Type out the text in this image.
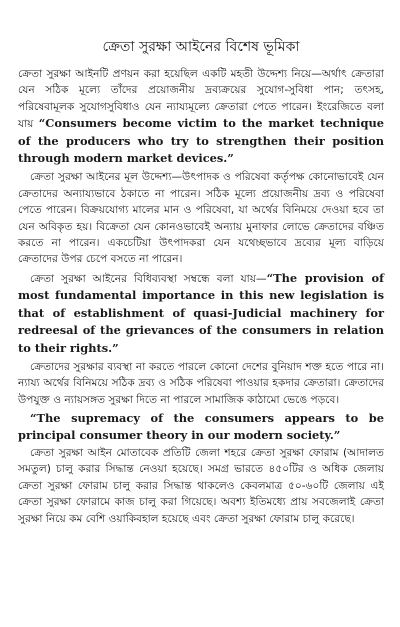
ক্রেতা সুরক্ষা আইনের বিশেষ ভূমিকা

ক্রেতা সুরক্ষা আইনটি প্রণয়ন করা হয়েছিল একটি মহতী উদ্দেশ্য নিয়ে—অর্থাৎ ক্রেতারা যেন সঠিক মূল্যে তাঁদের প্রয়োজনীয় দ্রব্যক্রয়ের সুযোগ-সুবিধা পান; তৎসহ, পরিষেবামূলক সুযোগসুবিধাও যেন ন্যায্যমূল্যে ক্রেতারা পেতে পারেন। ইংরেজিতে বলা যায় “Consumers become victim to the market technique of the producers who try to strengthen their position through modern market devices.”

ক্রেতা সুরক্ষা আইনের মূল উদ্দেশ্য—উৎপাদক ও পরিষেবা কর্তৃপক্ষ কোনোভাবেই যেন ক্রেতাদের অন্যায্যভাবে ঠকাতে না পারেন। সঠিক মূল্যে প্রয়োজনীয় দ্রব্য ও পরিষেবা পেতে পারেন। বিক্রয়যোগ্য মালের মান ও পরিষেবা, যা অর্থের বিনিময়ে দেওয়া হবে তা যেন অবিকৃত হয়। বিক্রেতা যেন কোনওভাবেই অন্যায় মুনাফার লোভে ক্রেতাদের বঞ্চিত করতে না পারেন। একচেটিয়া উৎপাদকরা যেন যথেচ্ছভাবে দ্রব্যের মূল্য বাড়িয়ে ক্রেতাদের উপর চেপে বসতে না পারেন।

ক্রেতা সুরক্ষা আইনের বিধিব্যবস্থা সম্বন্ধে বলা যায়—“The provision of most fundamental importance in this new legislation is that of establishment of quasi-Judicial machinery for redreesal of the grievances of the consumers in relation to their rights.”

ক্রেতাদের সুরক্ষার ব্যবস্থা না করতে পারলে কোনো দেশের বুনিয়াদ শক্ত হতে পারে না। ন্যায্য অর্থের বিনিময়ে সঠিক দ্রব্য ও সঠিক পরিষেবা পাওয়ার হকদার ক্রেতারা। ক্রেতাদের উপযুক্ত ও ন্যায়সঙ্গত সুরক্ষা দিতে না পারলে সামাজিক কাঠামো ভেঙে পড়বে।

“The supremacy of the consumers appears to be principal consumer theory in our modern society.”

ক্রেতা সুরক্ষা আইন মোতাবেক প্রতিটি জেলা শহরে ক্রেতা সুরক্ষা ফোরাম (আদালত সমতুল) চালু করার সিদ্ধান্ত নেওয়া হয়েছে। সমগ্র ভারতে ৪৫০টির ও অধিক জেলায় ক্রেতা সুরক্ষা ফোরাম চালু করার সিদ্ধান্ত থাকলেও কেবলমাত্র ৫০-৬০টি জেলায় এই ক্রেতা সুরক্ষা ফোরামে কাজ চালু করা গিয়েছে। অবশ্য ইতিমধ্যে প্রায় সবজেলাই ক্রেতা সুরক্ষা নিয়ে কম বেশি ওয়াকিবহাল হয়েছে এবং ক্রেতা সুরক্ষা ফোরাম চালু করেছে।
